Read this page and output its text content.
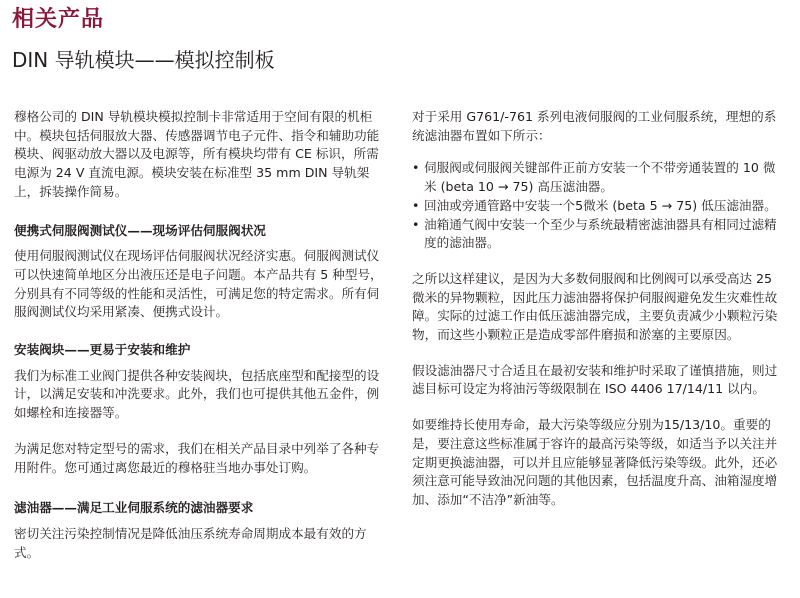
相关产品
DIN 导轨模块——模拟控制板

穆格公司的 DIN 导轨模块模拟控制卡非常适用于空间有限的机柜中。模块包括伺服放大器、传感器调节电子元件、指令和辅助功能模块、阀驱动放大器以及电源等，所有模块均带有 CE 标识，所需电源为 24 V 直流电源。模块安装在标准型 35 mm DIN 导轨架上，拆装操作简易。

便携式伺服阀测试仪——现场评估伺服阀状况

使用伺服阀测试仪在现场评估伺服阀状况经济实惠。伺服阀测试仪可以快速简单地区分出液压还是电子问题。本产品共有 5 种型号，分别具有不同等级的性能和灵活性，可满足您的特定需求。所有伺服阀测试仪均采用紧凑、便携式设计。

安装阀块——更易于安装和维护

我们为标准工业阀门提供各种安装阀块，包括底座型和配接型的设计，以满足安装和冲洗要求。此外，我们也可提供其他五金件，例如螺栓和连接器等。

为满足您对特定型号的需求，我们在相关产品目录中列举了各种专用附件。您可通过离您最近的穆格驻当地办事处订购。

滤油器——满足工业伺服系统的滤油器要求

密切关注污染控制情况是降低油压系统寿命周期成本最有效的方式。

对于采用 G761/-761 系列电液伺服阀的工业伺服系统，理想的系统滤油器布置如下所示：

• 伺服阀或伺服阀关键部件正前方安装一个不带旁通装置的 10 微米 (beta 10 → 75) 高压滤油器。
• 回油或旁通管路中安装一个5微米 (beta 5 → 75) 低压滤油器。
• 油箱通气阀中安装一个至少与系统最精密滤油器具有相同过滤精度的滤油器。

之所以这样建议，是因为大多数伺服阀和比例阀可以承受高达 25 微米的异物颗粒，因此压力滤油器将保护伺服阀避免发生灾难性故障。实际的过滤工作由低压滤油器完成，主要负责减少小颗粒污染物，而这些小颗粒正是造成零部件磨损和淤塞的主要原因。

假设滤油器尺寸合适且在最初安装和维护时采取了谨慎措施，则过滤目标可设定为将油污等级限制在 ISO 4406 17/14/11 以内。

如要维持长使用寿命，最大污染等级应分别为15/13/10。重要的是，要注意这些标准属于容许的最高污染等级，如适当予以关注并定期更换滤油器，可以并且应能够显著降低污染等级。此外，还必须注意可能导致油况问题的其他因素，包括温度升高、油箱湿度增加、添加“不洁净”新油等。
